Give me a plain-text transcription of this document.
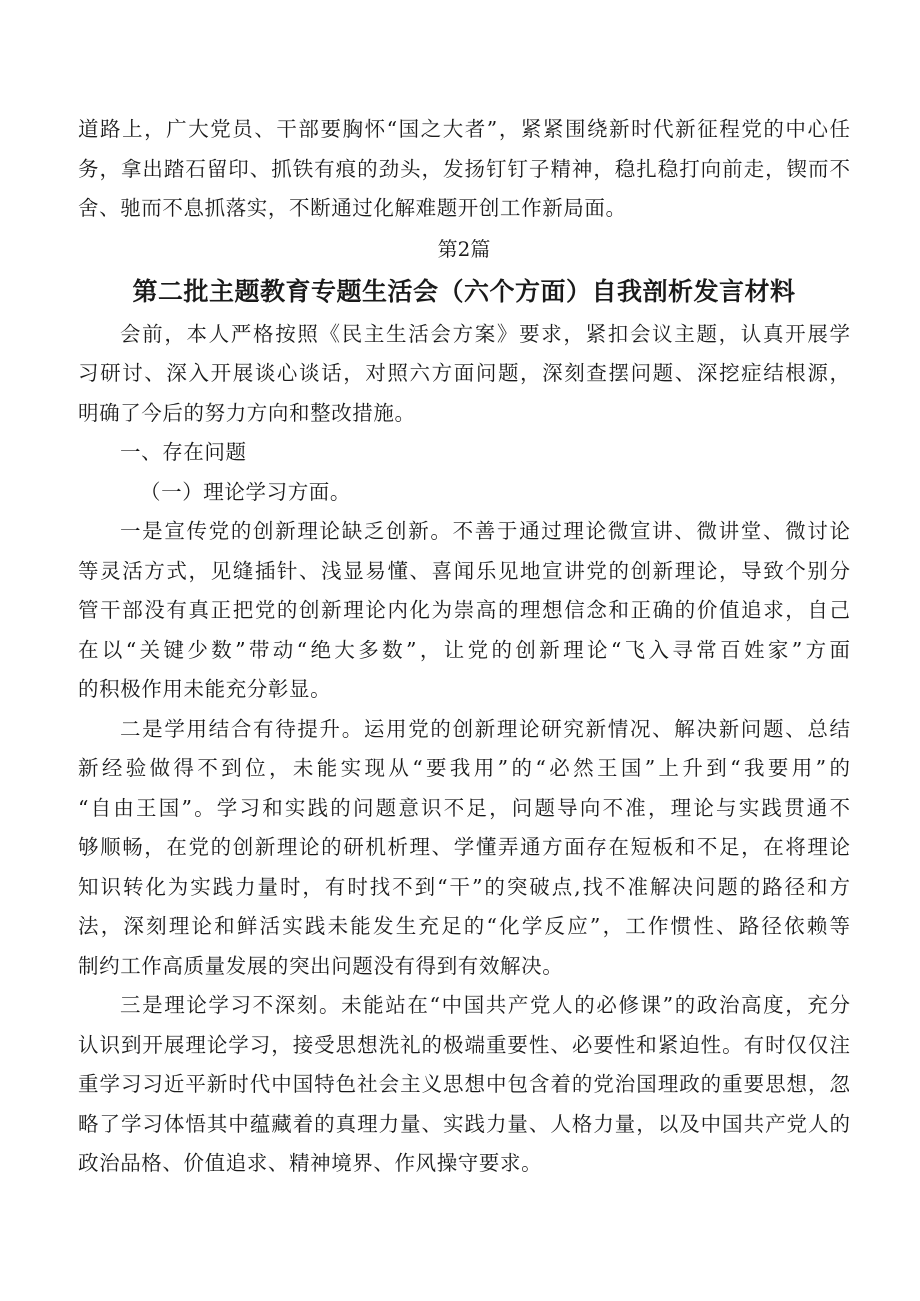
道路上，广大党员、干部要胸怀“国之大者”，紧紧围绕新时代新征程党的中心任
务，拿出踏石留印、抓铁有痕的劲头，发扬钉钉子精神，稳扎稳打向前走，锲而不
舍、驰而不息抓落实，不断通过化解难题开创工作新局面。
第2篇
第二批主题教育专题生活会（六个方面）自我剖析发言材料
会前，本人严格按照《民主生活会方案》要求，紧扣会议主题，认真开展学
习研讨、深入开展谈心谈话，对照六方面问题，深刻查摆问题、深挖症结根源，
明确了今后的努力方向和整改措施。
一、存在问题
（一）理论学习方面。
一是宣传党的创新理论缺乏创新。不善于通过理论微宣讲、微讲堂、微讨论
等灵活方式，见缝插针、浅显易懂、喜闻乐见地宣讲党的创新理论，导致个别分
管干部没有真正把党的创新理论内化为崇高的理想信念和正确的价值追求，自己
在以“关键少数”带动“绝大多数”，让党的创新理论“飞入寻常百姓家”方面
的积极作用未能充分彰显。
二是学用结合有待提升。运用党的创新理论研究新情况、解决新问题、总结
新经验做得不到位，未能实现从“要我用”的“必然王国”上升到“我要用”的
“自由王国”。学习和实践的问题意识不足，问题导向不准，理论与实践贯通不
够顺畅，在党的创新理论的研机析理、学懂弄通方面存在短板和不足，在将理论
知识转化为实践力量时，有时找不到“干”的突破点,找不准解决问题的路径和方
法，深刻理论和鲜活实践未能发生充足的“化学反应”，工作惯性、路径依赖等
制约工作高质量发展的突出问题没有得到有效解决。
三是理论学习不深刻。未能站在“中国共产党人的必修课”的政治高度，充分
认识到开展理论学习，接受思想洗礼的极端重要性、必要性和紧迫性。有时仅仅注
重学习习近平新时代中国特色社会主义思想中包含着的党治国理政的重要思想，忽
略了学习体悟其中蕴藏着的真理力量、实践力量、人格力量，以及中国共产党人的
政治品格、价值追求、精神境界、作风操守要求。
